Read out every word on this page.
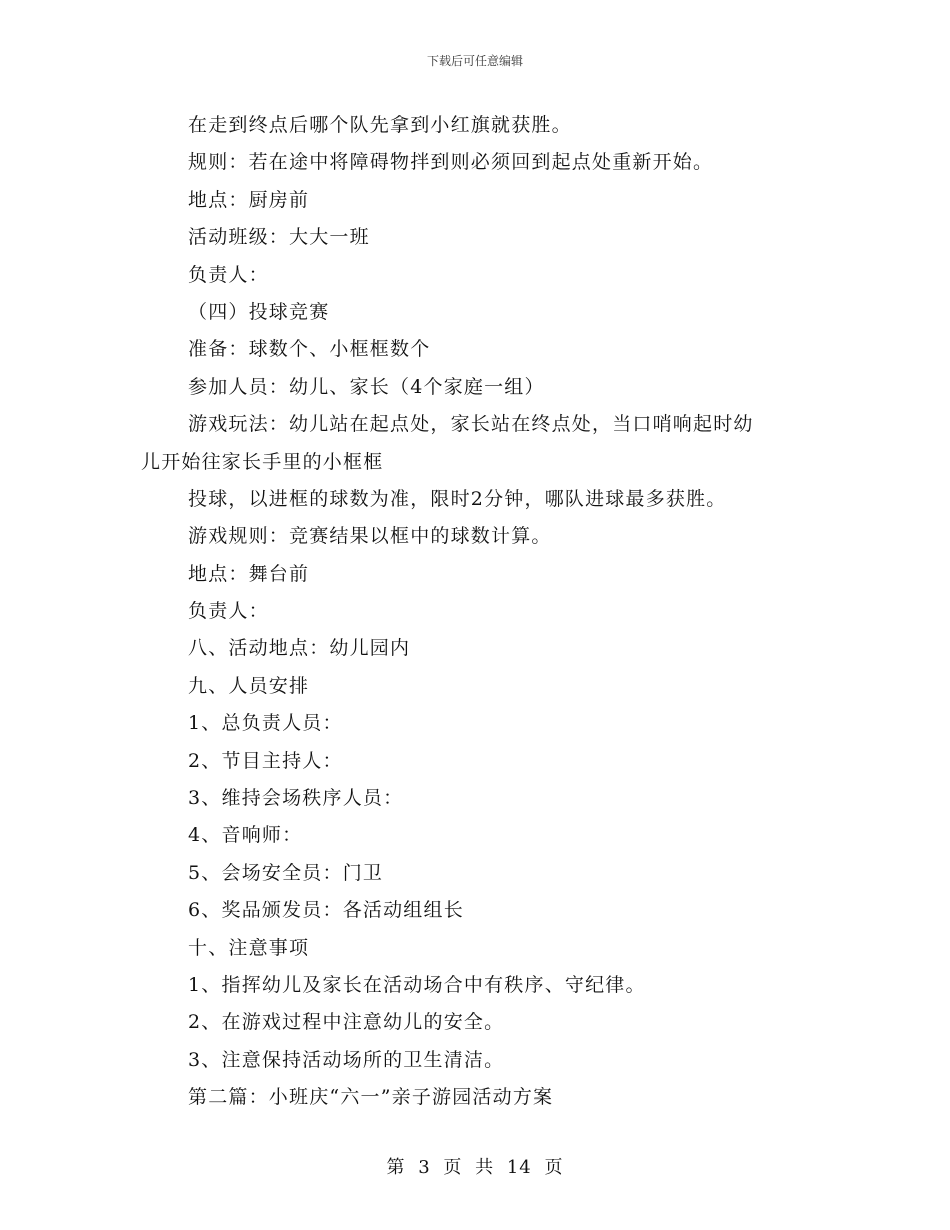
下载后可任意编辑
在走到终点后哪个队先拿到小红旗就获胜。
规则：若在途中将障碍物拌到则必须回到起点处重新开始。
地点：厨房前
活动班级：大大一班
负责人：
（四）投球竞赛
准备：球数个、小框框数个
参加人员：幼儿、家长（4个家庭一组）
游戏玩法：幼儿站在起点处，家长站在终点处，当口哨响起时幼
儿开始往家长手里的小框框
投球，以进框的球数为准，限时2分钟，哪队进球最多获胜。
游戏规则：竞赛结果以框中的球数计算。
地点：舞台前
负责人：
八、活动地点：幼儿园内
九、人员安排
1、总负责人员：
2、节目主持人：
3、维持会场秩序人员：
4、音响师：
5、会场安全员：门卫
6、奖品颁发员：各活动组组长
十、注意事项
1、指挥幼儿及家长在活动场合中有秩序、守纪律。
2、在游戏过程中注意幼儿的安全。
3、注意保持活动场所的卫生清洁。
第二篇：小班庆“六一”亲子游园活动方案
第 3 页 共 14 页
